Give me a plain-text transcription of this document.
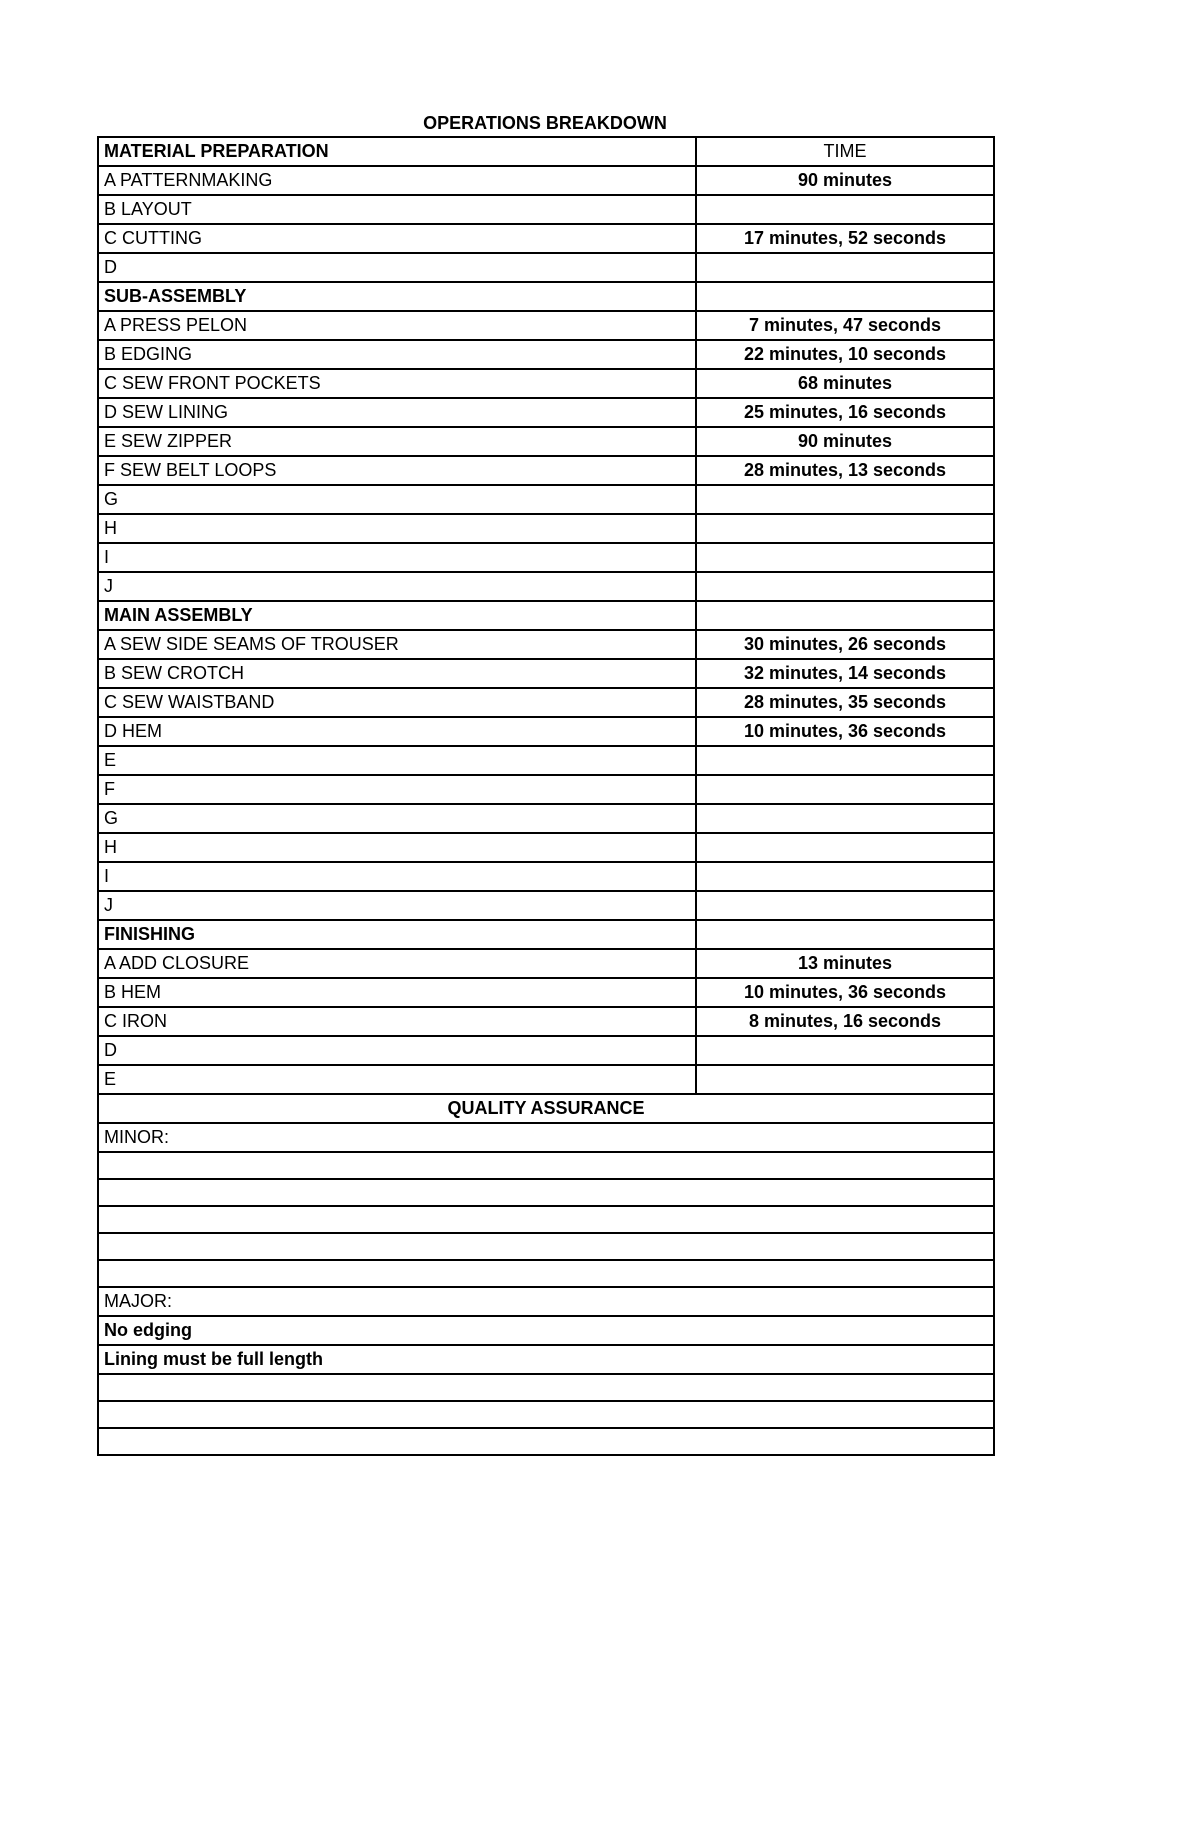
OPERATIONS BREAKDOWN
MATERIAL PREPARATION	TIME
A PATTERNMAKING	90 minutes
B LAYOUT	
C CUTTING	17 minutes, 52 seconds
D	
SUB-ASSEMBLY	
A PRESS PELON	7 minutes, 47 seconds
B EDGING	22 minutes, 10 seconds
C SEW FRONT POCKETS	68 minutes
D SEW LINING	25 minutes, 16 seconds
E SEW ZIPPER	90 minutes
F SEW BELT LOOPS	28 minutes, 13 seconds
G	
H	
I	
J	
MAIN ASSEMBLY	
A SEW SIDE SEAMS OF TROUSER	30 minutes, 26 seconds
B SEW CROTCH	32 minutes, 14 seconds
C SEW WAISTBAND	28 minutes, 35 seconds
D HEM	10 minutes, 36 seconds
E	
F	
G	
H	
I	
J	
FINISHING	
A ADD CLOSURE	13 minutes
B HEM	10 minutes, 36 seconds
C IRON	8 minutes, 16 seconds
D	
E	
QUALITY ASSURANCE	
MINOR:	

MAJOR:	
No edging	
Lining must be full length	
